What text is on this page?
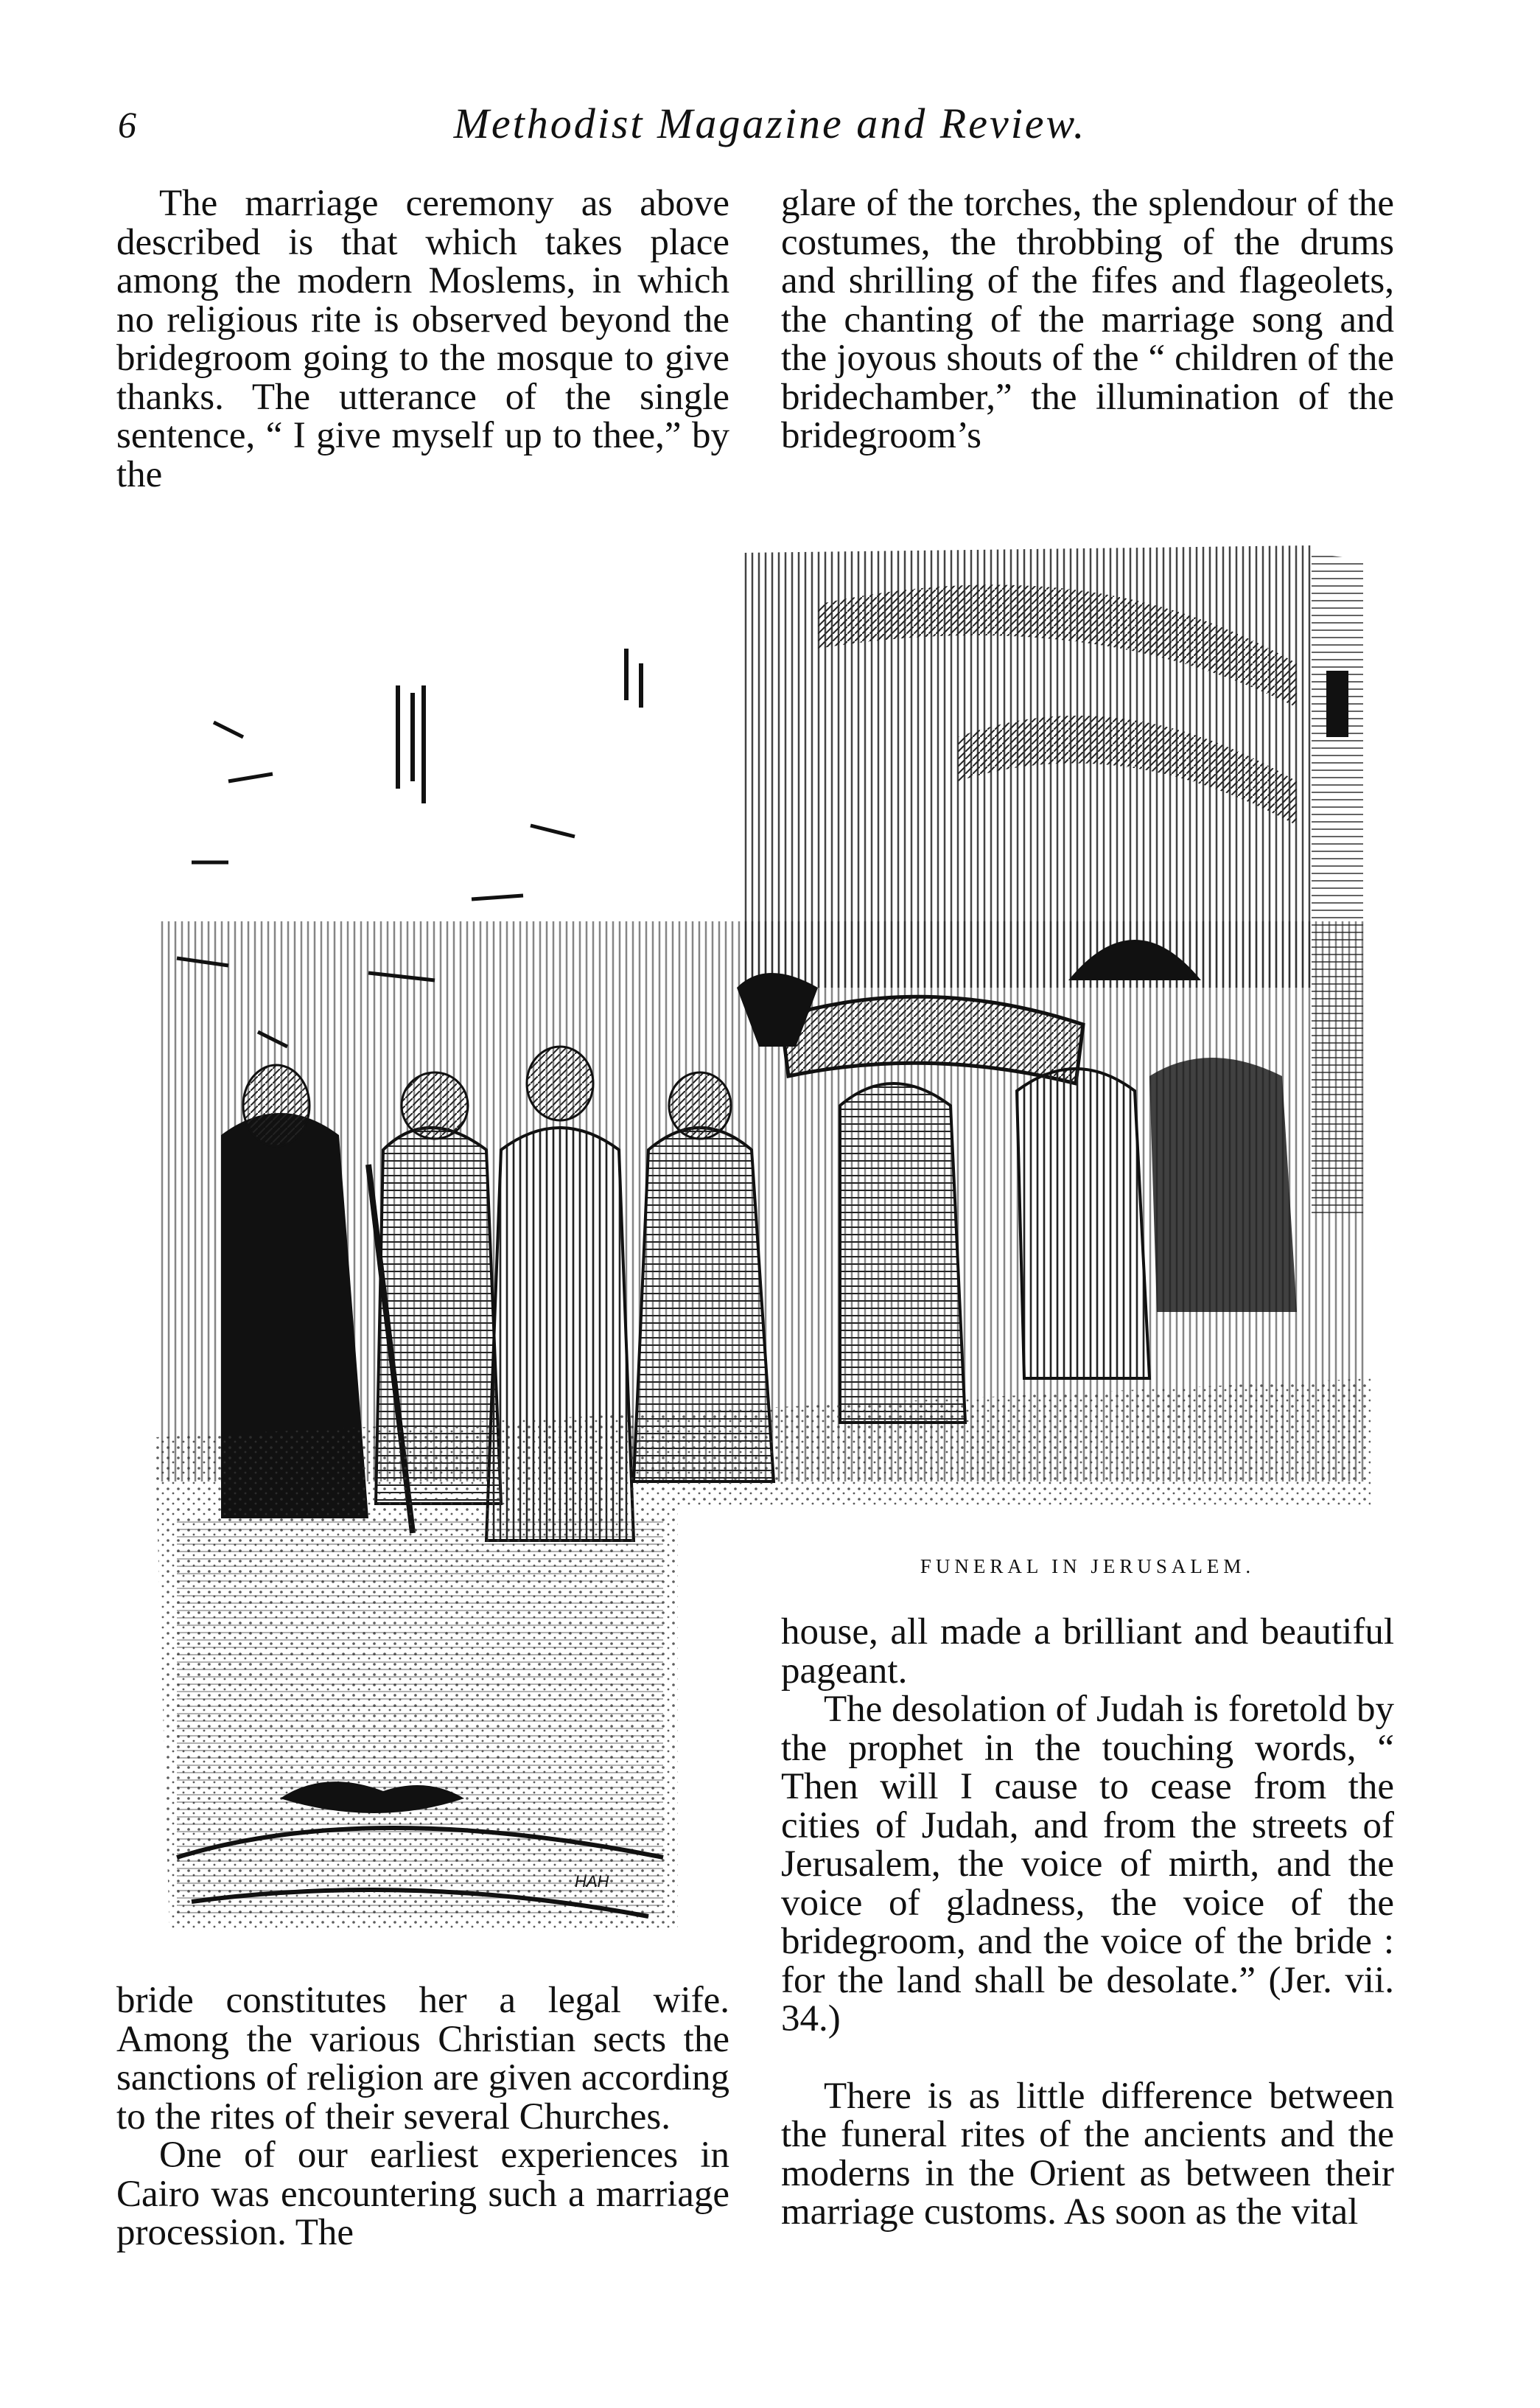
6	Methodist Magazine and Review.

The marriage ceremony as above described is that which takes place among the modern Moslems, in which no religious rite is observed beyond the bridegroom going to the mosque to give thanks. The utterance of the single sentence, “ I give myself up to thee,” by the

glare of the torches, the splendour of the costumes, the throbbing of the drums and shrilling of the fifes and flageolets, the chanting of the marriage song and the joyous shouts of the “ children of the bridechamber,” the illumination of the bridegroom’s

HAH
FUNERAL IN JERUSALEM.

house, all made a brilliant and beautiful pageant.

The desolation of Judah is foretold by the prophet in the touching words, “ Then will I cause to cease from the cities of Judah, and from the streets of Jerusalem, the voice of mirth, and the voice of gladness, the voice of the bridegroom, and the voice of the bride : for the land shall be desolate.” (Jer. vii. 34.)

There is as little difference between the funeral rites of the ancients and the moderns in the Orient as between their marriage customs. As soon as the vital

bride constitutes her a legal wife. Among the various Christian sects the sanctions of religion are given according to the rites of their several Churches.

One of our earliest experiences in Cairo was encountering such a marriage procession. The
